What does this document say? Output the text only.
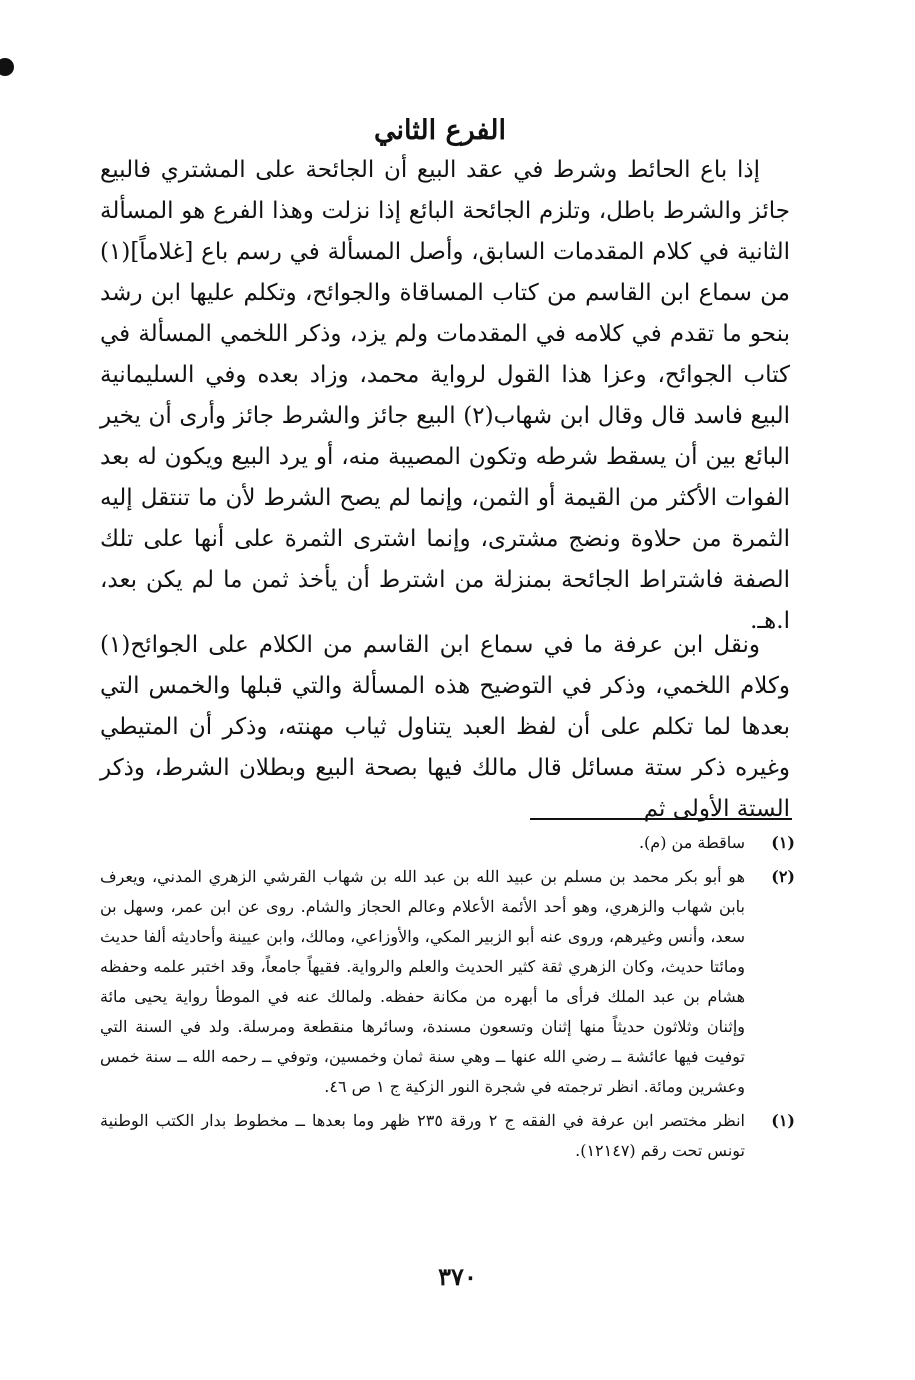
الفرع الثاني

إذا باع الحائط وشرط في عقد البيع أن الجائحة على المشتري فالبيع جائز والشرط باطل، وتلزم الجائحة البائع إذا نزلت وهذا الفرع هو المسألة الثانية في كلام المقدمات السابق، وأصل المسألة في رسم باع [غلاماً](١) من سماع ابن القاسم من كتاب المساقاة والجوائح، وتكلم عليها ابن رشد بنحو ما تقدم في كلامه في المقدمات ولم يزد، وذكر اللخمي المسألة في كتاب الجوائح، وعزا هذا القول لرواية محمد، وزاد بعده وفي السليمانية البيع فاسد قال وقال ابن شهاب(٢) البيع جائز والشرط جائز وأرى أن يخير البائع بين أن يسقط شرطه وتكون المصيبة منه، أو يرد البيع ويكون له بعد الفوات الأكثر من القيمة أو الثمن، وإنما لم يصح الشرط لأن ما تنتقل إليه الثمرة من حلاوة ونضج مشترى، وإنما اشترى الثمرة على أنها على تلك الصفة فاشتراط الجائحة بمنزلة من اشترط أن يأخذ ثمن ما لم يكن بعد، ا.هـ.

ونقل ابن عرفة ما في سماع ابن القاسم من الكلام على الجوائح(١) وكلام اللخمي، وذكر في التوضيح هذه المسألة والتي قبلها والخمس التي بعدها لما تكلم على أن لفظ العبد يتناول ثياب مهنته، وذكر أن المتيطي وغيره ذكر ستة مسائل قال مالك فيها بصحة البيع وبطلان الشرط، وذكر الستة الأولى ثم

(١)
ساقطة من (م).
(٢)
هو أبو بكر محمد بن مسلم بن عبيد الله بن عبد الله بن شهاب القرشي الزهري المدني، ويعرف بابن شهاب والزهري، وهو أحد الأئمة الأعلام وعالم الحجاز والشام. روى عن ابن عمر، وسهل بن سعد، وأنس وغيرهم، وروى عنه أبو الزبير المكي، والأوزاعي، ومالك، وابن عيينة وأحاديثه ألفا حديث ومائتا حديث، وكان الزهري ثقة كثير الحديث والعلم والرواية. فقيهاً جامعاً، وقد اختبر علمه وحفظه هشام بن عبد الملك فرأى ما أبهره من مكانة حفظه. ولمالك عنه في الموطأ رواية يحيى مائة وإثنان وثلاثون حديثاً منها إثنان وتسعون مسندة، وسائرها منقطعة ومرسلة. ولد في السنة التي توفيت فيها عائشة ــ رضي الله عنها ــ وهي سنة ثمان وخمسين، وتوفي ــ رحمه الله ــ سنة خمس وعشرين ومائة. انظر ترجمته في شجرة النور الزكية ج ١ ص ٤٦.
(١)
انظر مختصر ابن عرفة في الفقه ج ٢ ورقة ٢٣٥ ظهر وما بعدها ــ مخطوط بدار الكتب الوطنية تونس تحت رقم (١٢١٤٧).
٣٧٠
